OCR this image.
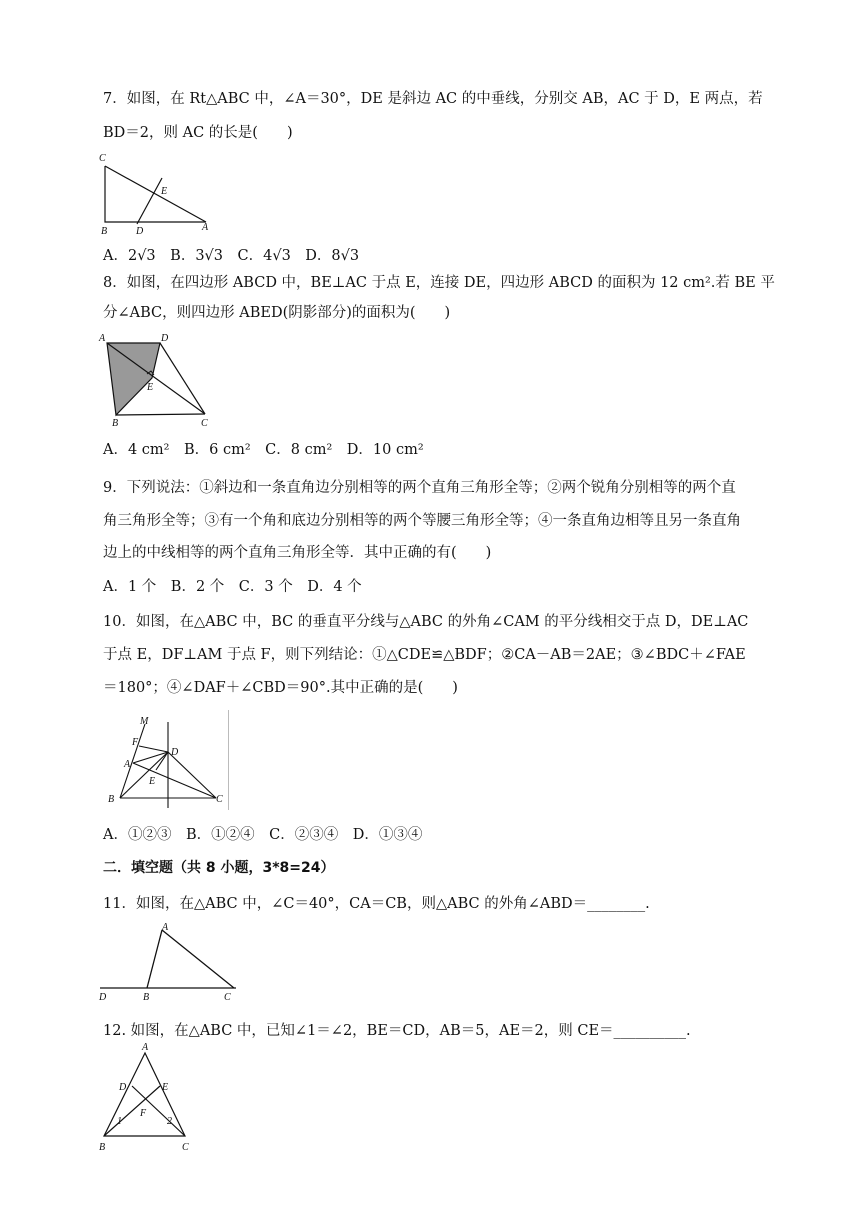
7．如图，在 Rt△ABC 中，∠A＝30°，DE 是斜边 AC 的中垂线，分别交 AB，AC 于 D，E 两点，若
BD＝2，则 AC 的长是(　　)
C
E
B	D	A
A．2√3　B．3√3　C．4√3　D．8√3
8．如图，在四边形 ABCD 中，BE⊥AC 于点 E，连接 DE，四边形 ABCD 的面积为 12 cm².若 BE 平
分∠ABC，则四边形 ABED(阴影部分)的面积为(　　)
A	D
E
B	C
A．4 cm²　B．6 cm²　C．8 cm²　D．10 cm²
9．下列说法：①斜边和一条直角边分别相等的两个直角三角形全等；②两个锐角分别相等的两个直
角三角形全等；③有一个角和底边分别相等的两个等腰三角形全等；④一条直角边相等且另一条直角
边上的中线相等的两个直角三角形全等．其中正确的有(　　)
A．1 个　B．2 个　C．3 个　D．4 个
10．如图，在△ABC 中，BC 的垂直平分线与△ABC 的外角∠CAM 的平分线相交于点 D，DE⊥AC
于点 E，DF⊥AM 于点 F，则下列结论：①△CDE≌△BDF；②CA－AB＝2AE；③∠BDC＋∠FAE
＝180°；④∠DAF＋∠CBD＝90°.其中正确的是(　　)
M
F
D
A
E
B	C
A．①②③　B．①②④　C．②③④　D．①③④
二．填空题（共 8 小题，3*8=24）
11．如图，在△ABC 中，∠C＝40°，CA＝CB，则△ABC 的外角∠ABD＝________.
A
D	B	C
12. 如图，在△ABC 中，已知∠1＝∠2，BE＝CD，AB＝5，AE＝2，则 CE＝__________.
A
D	E
F
1	2
B	C
